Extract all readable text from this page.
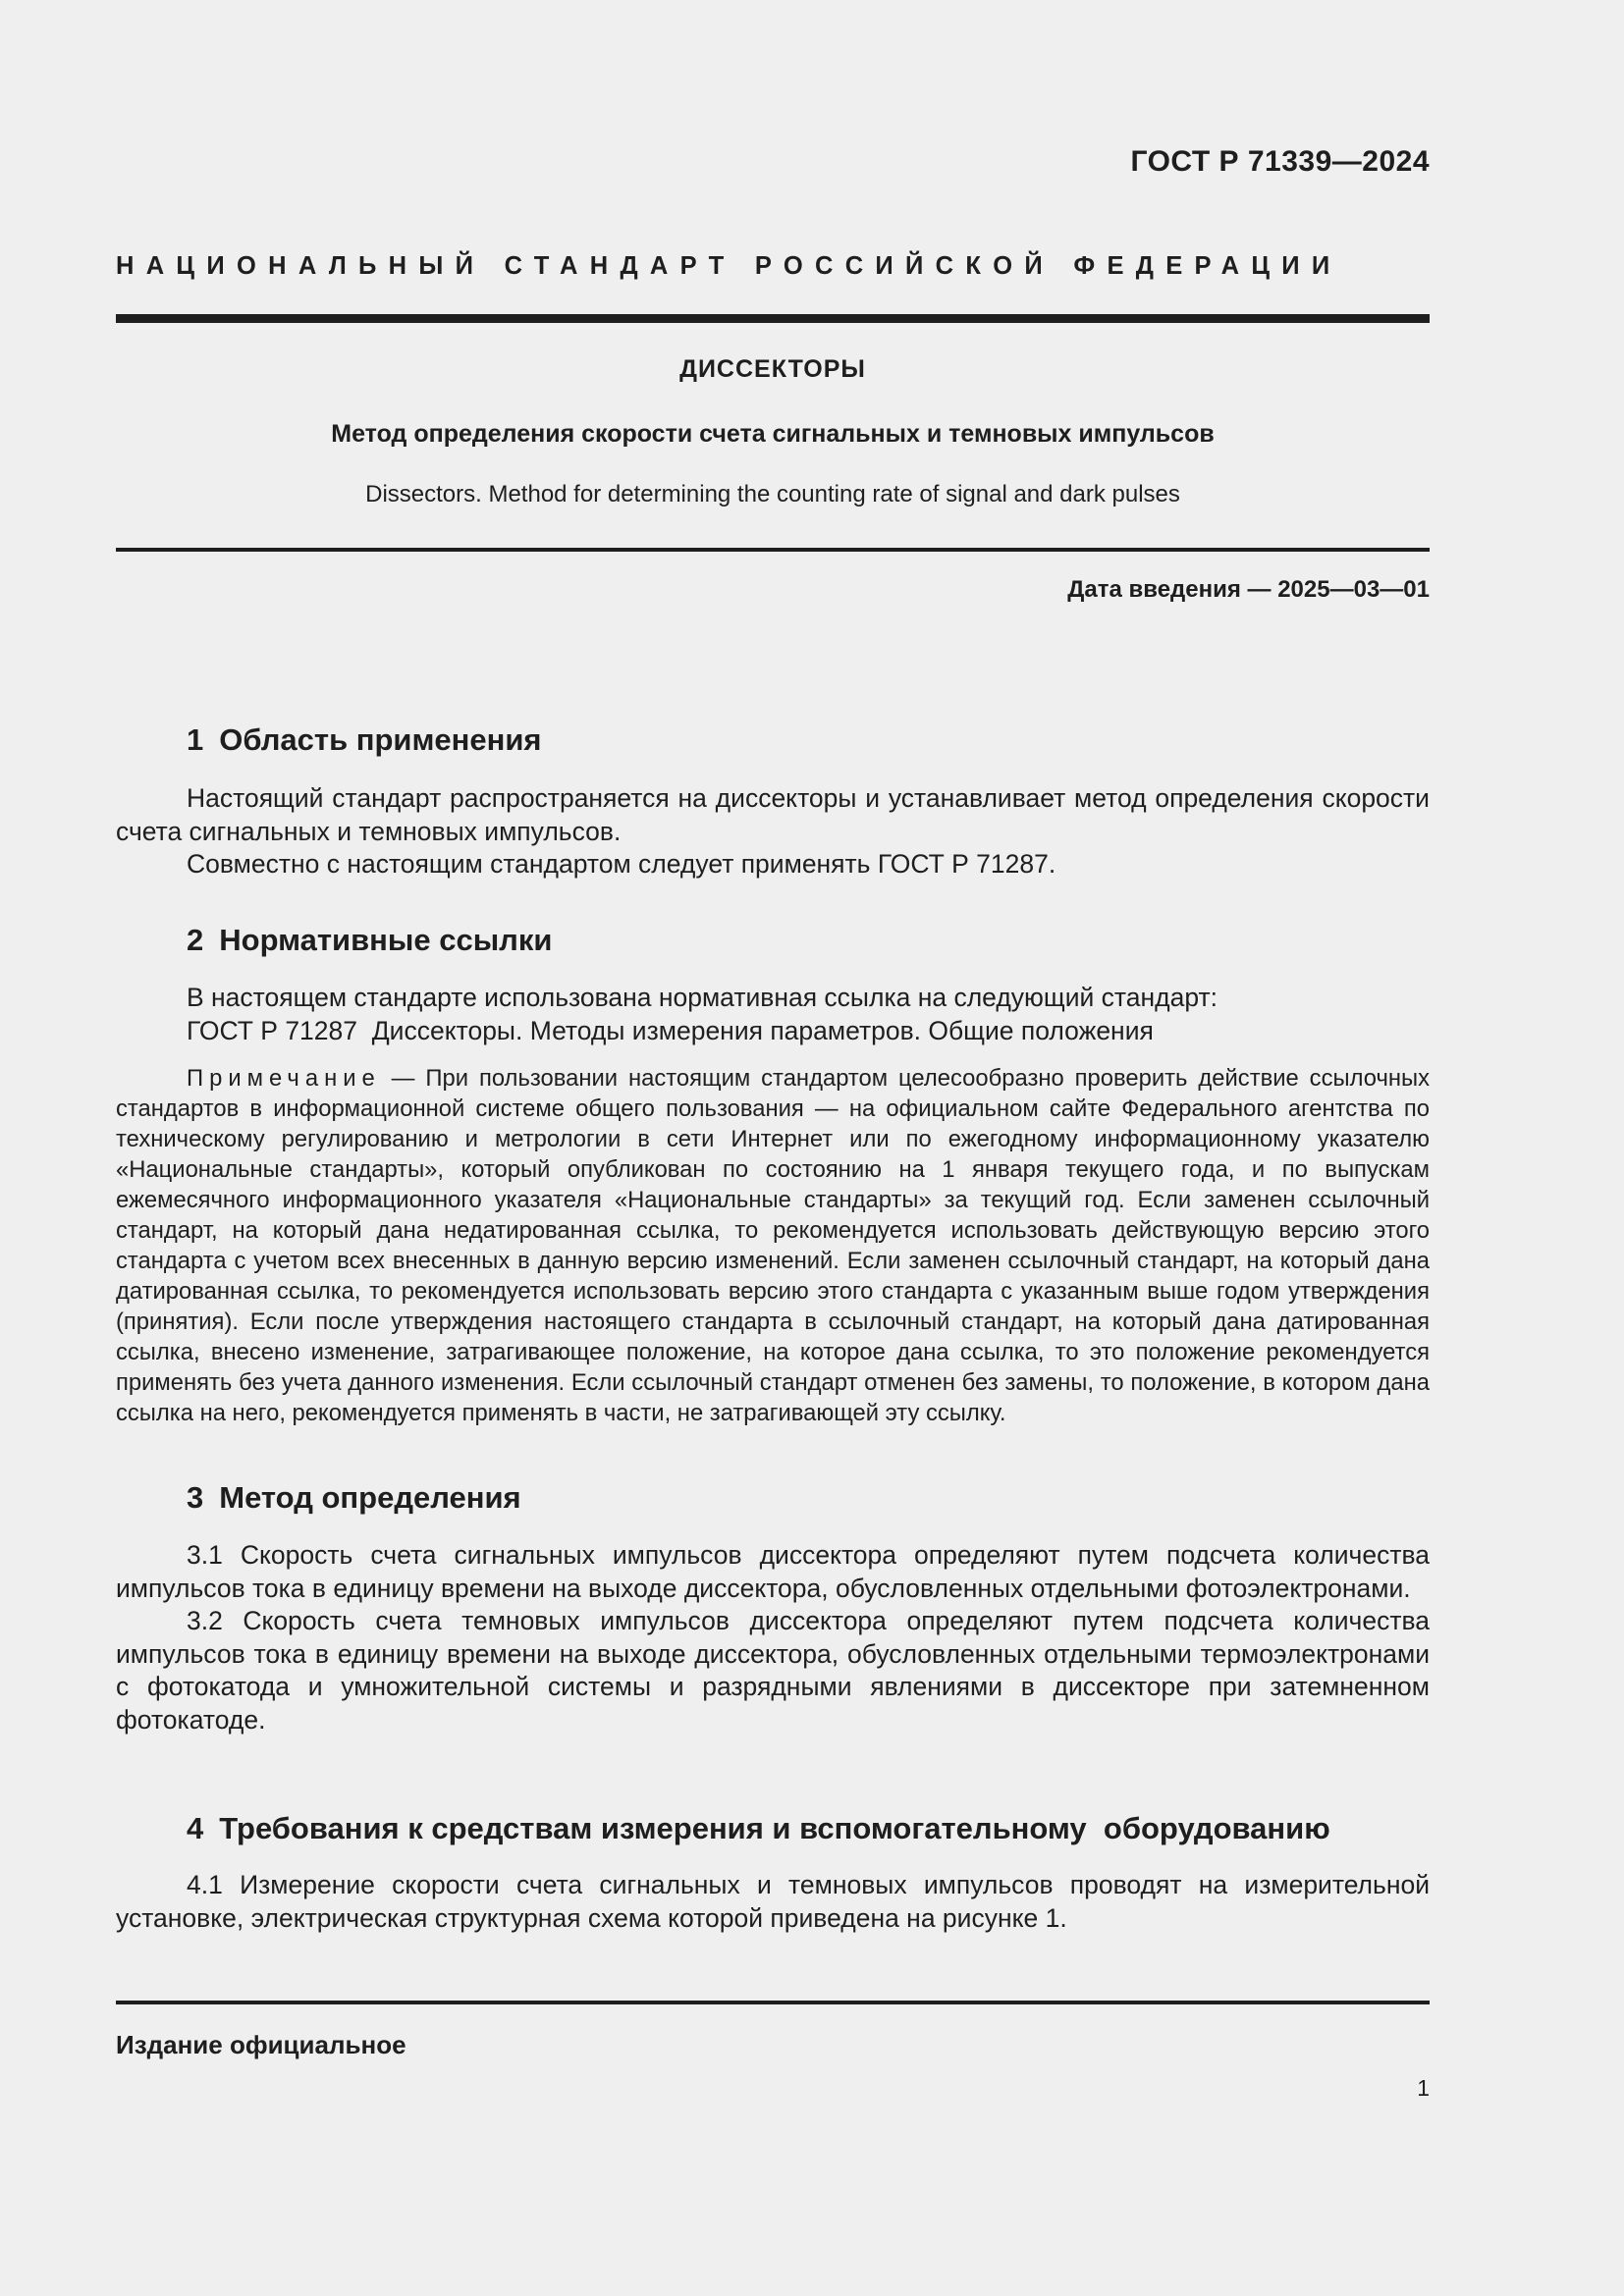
ГОСТ Р 71339—2024
НАЦИОНАЛЬНЫЙ СТАНДАРТ РОССИЙСКОЙ ФЕДЕРАЦИИ
ДИССЕКТОРЫ
Метод определения скорости счета сигнальных и темновых импульсов
Dissectors. Method for determining the counting rate of signal and dark pulses
Дата введения — 2025—03—01
1 Область применения

Настоящий стандарт распространяется на диссекторы и устанавливает метод определения скорости счета сигнальных и темновых импульсов.

Совместно с настоящим стандартом следует применять ГОСТ Р 71287.

2 Нормативные ссылки

В настоящем стандарте использована нормативная ссылка на следующий стандарт:

ГОСТ Р 71287  Диссекторы. Методы измерения параметров. Общие положения

Примечание — При пользовании настоящим стандартом целесообразно проверить действие ссылочных стандартов в информационной системе общего пользования — на официальном сайте Федерального агентства по техническому регулированию и метрологии в сети Интернет или по ежегодному информационному указателю «Национальные стандарты», который опубликован по состоянию на 1 января текущего года, и по выпускам ежемесячного информационного указателя «Национальные стандарты» за текущий год. Если заменен ссылочный стандарт, на который дана недатированная ссылка, то рекомендуется использовать действующую версию этого стандарта с учетом всех внесенных в данную версию изменений. Если заменен ссылочный стандарт, на который дана датированная ссылка, то рекомендуется использовать версию этого стандарта с указанным выше годом утверждения (принятия). Если после утверждения настоящего стандарта в ссылочный стандарт, на который дана датированная ссылка, внесено изменение, затрагивающее положение, на которое дана ссылка, то это положение рекомендуется применять без учета данного изменения. Если ссылочный стандарт отменен без замены, то положение, в котором дана ссылка на него, рекомендуется применять в части, не затрагивающей эту ссылку.
3 Метод определения

3.1 Скорость счета сигнальных импульсов диссектора определяют путем подсчета количества импульсов тока в единицу времени на выходе диссектора, обусловленных отдельными фотоэлектронами.

3.2 Скорость счета темновых импульсов диссектора определяют путем подсчета количества импульсов тока в единицу времени на выходе диссектора, обусловленных отдельными термоэлектронами с фотокатода и умножительной системы и разрядными явлениями в диссекторе при затемненном фотокатоде.

4 Требования к средствам измерения и вспомогательному  оборудованию

4.1 Измерение скорости счета сигнальных и темновых импульсов проводят на измерительной установке, электрическая структурная схема которой приведена на рисунке 1.

Издание официальное
1
